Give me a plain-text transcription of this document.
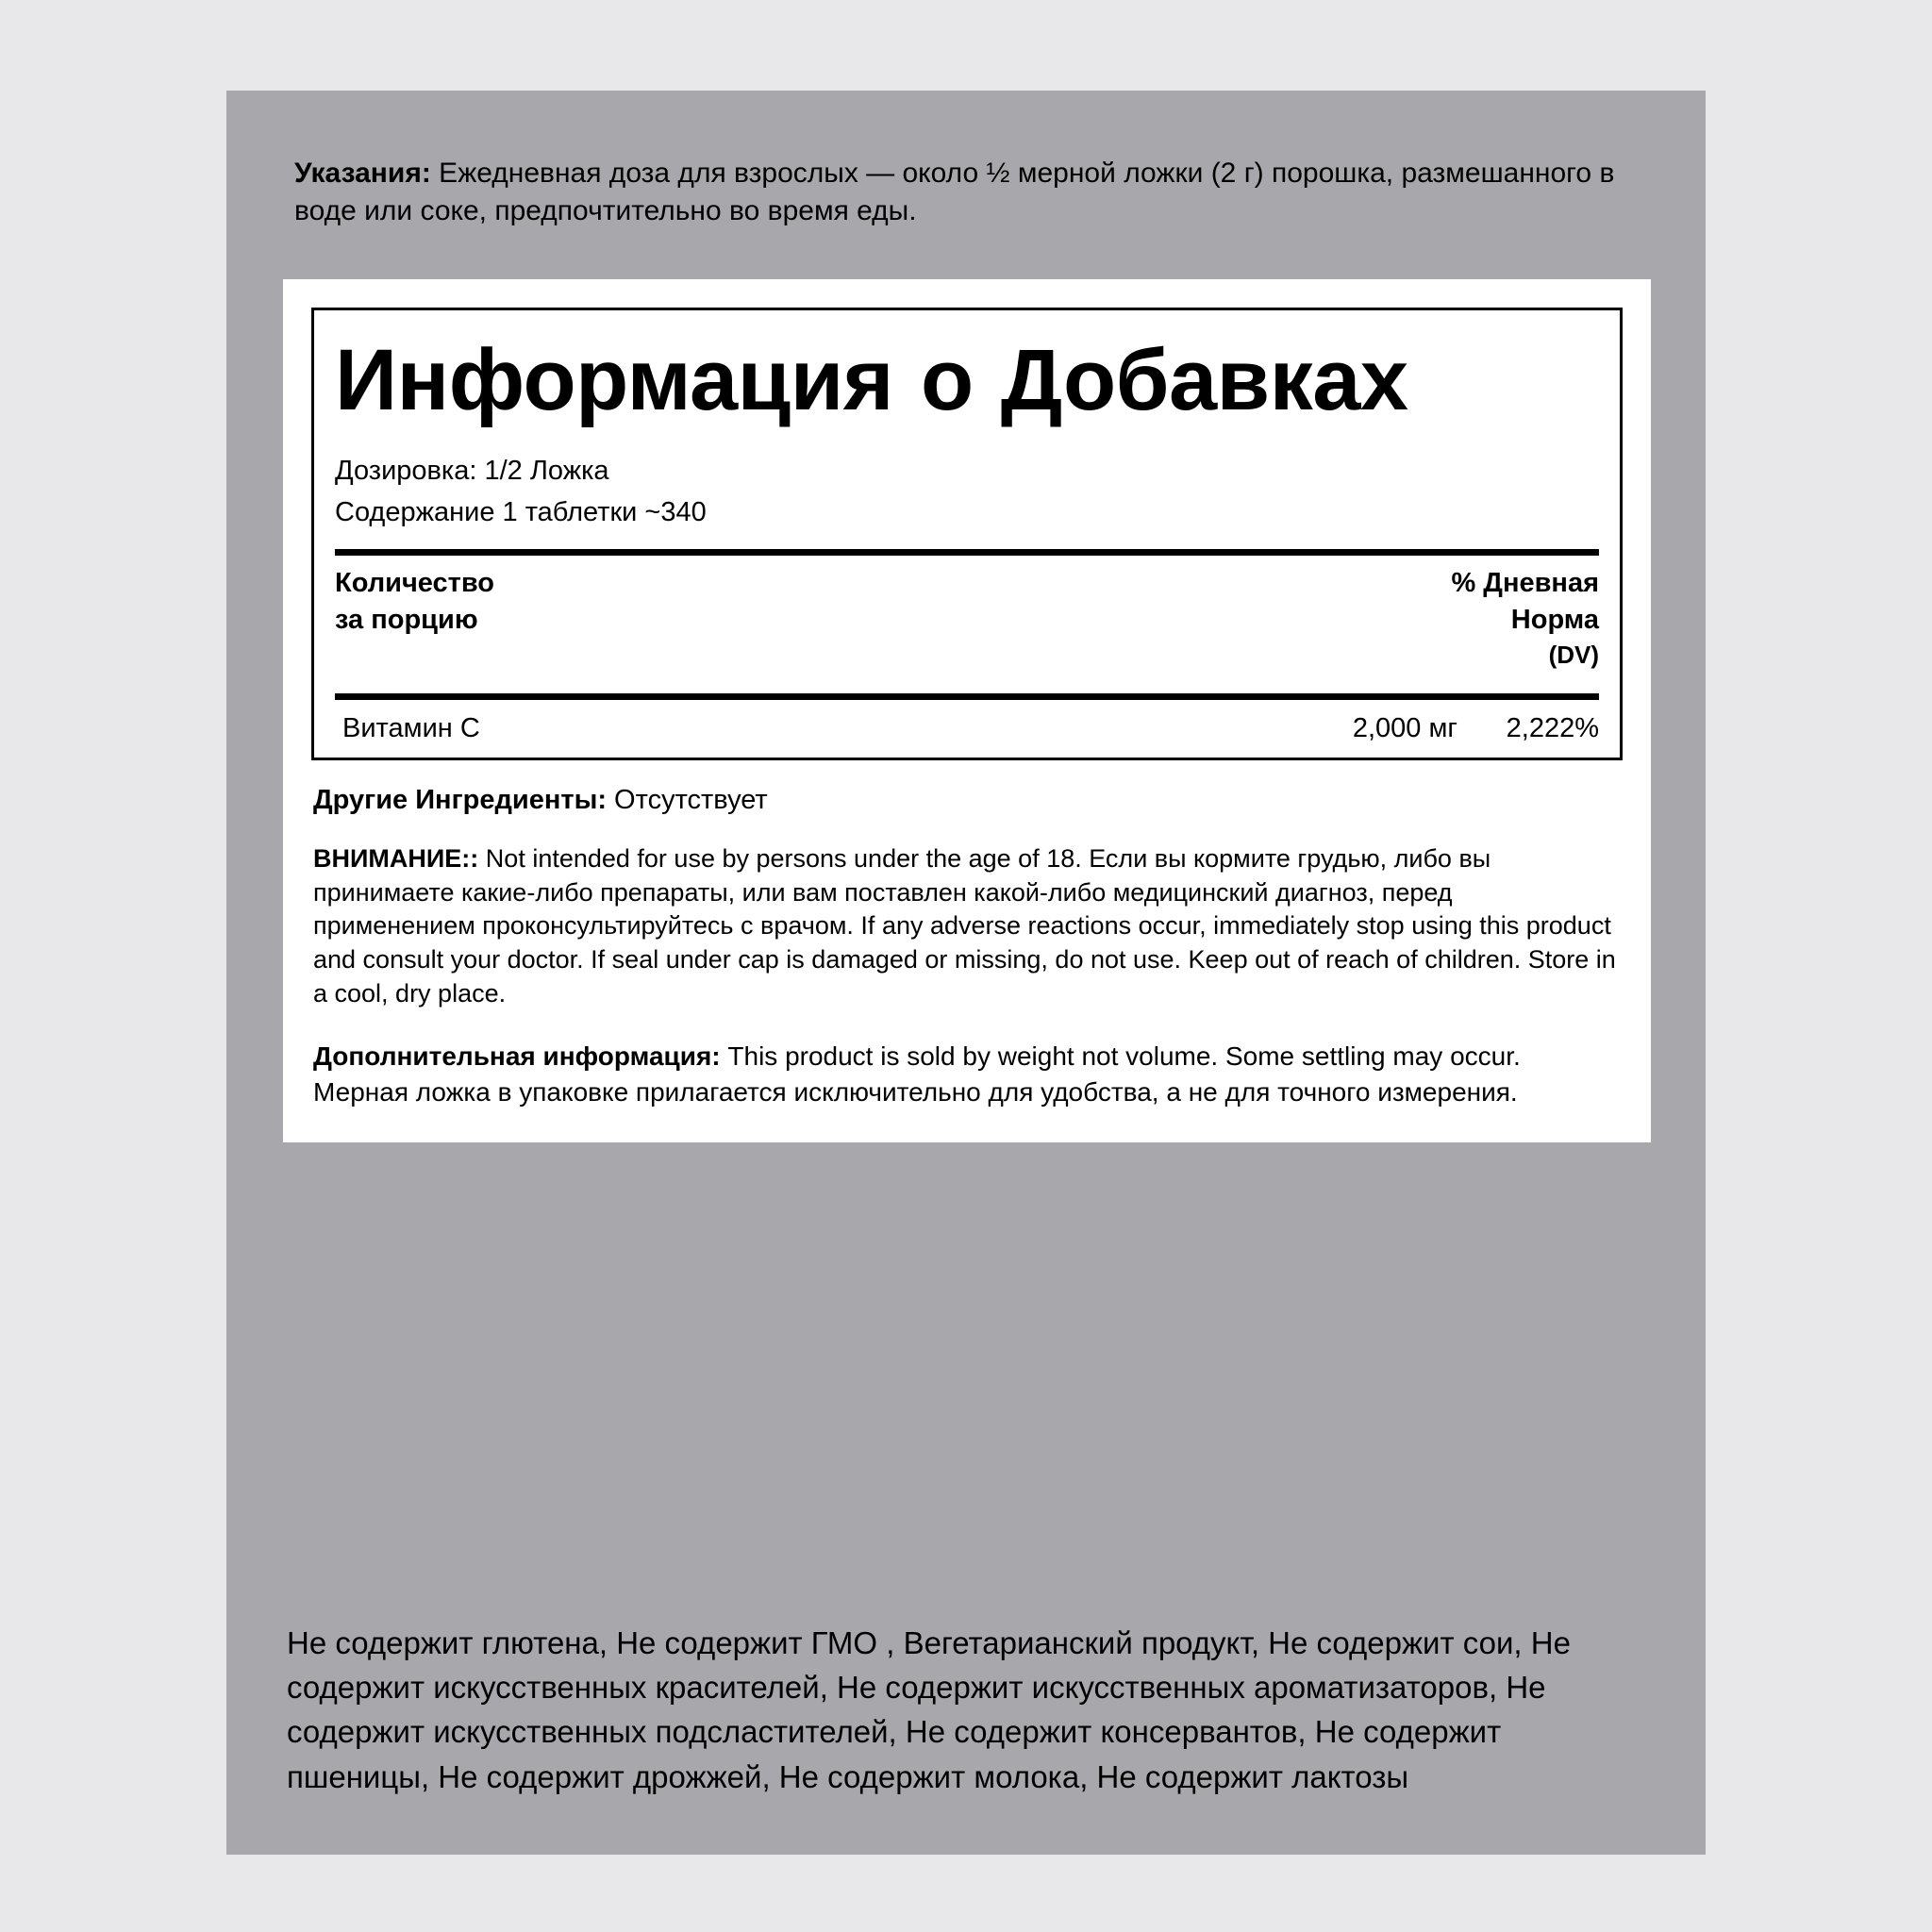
Указания: Ежедневная доза для взрослых — около ½ мерной ложки (2 г) порошка, размешанного в воде или соке, предпочтительно во время еды.
Информация о Добавках
Дозировка: 1/2 Ложка
Содержание 1 таблетки ~340
Количество
за порцию
% Дневная
Норма
(DV)
Витамин C	2,000 мг	2,222%
Другие Ингредиенты: Отсутствует
ВНИМАНИЕ:: Not intended for use by persons under the age of 18. Если вы кормите грудью, либо вы принимаете какие-либо препараты, или вам поставлен какой-либо медицинский диагноз, перед применением проконсультируйтесь с врачом. If any adverse reactions occur, immediately stop using this product and consult your doctor. If seal under cap is damaged or missing, do not use. Keep out of reach of children. Store in a cool, dry place.
Дополнительная информация: This product is sold by weight not volume. Some settling may occur. Мерная ложка в упаковке прилагается исключительно для удобства, а не для точного измерения.
Не содержит глютена, Не содержит ГМО , Вегетарианский продукт, Не содержит сои, Не содержит искусственных красителей, Не содержит искусственных ароматизаторов, Не содержит искусственных подсластителей, Не содержит консервантов, Не содержит пшеницы, Не содержит дрожжей, Не содержит молока, Не содержит лактозы
